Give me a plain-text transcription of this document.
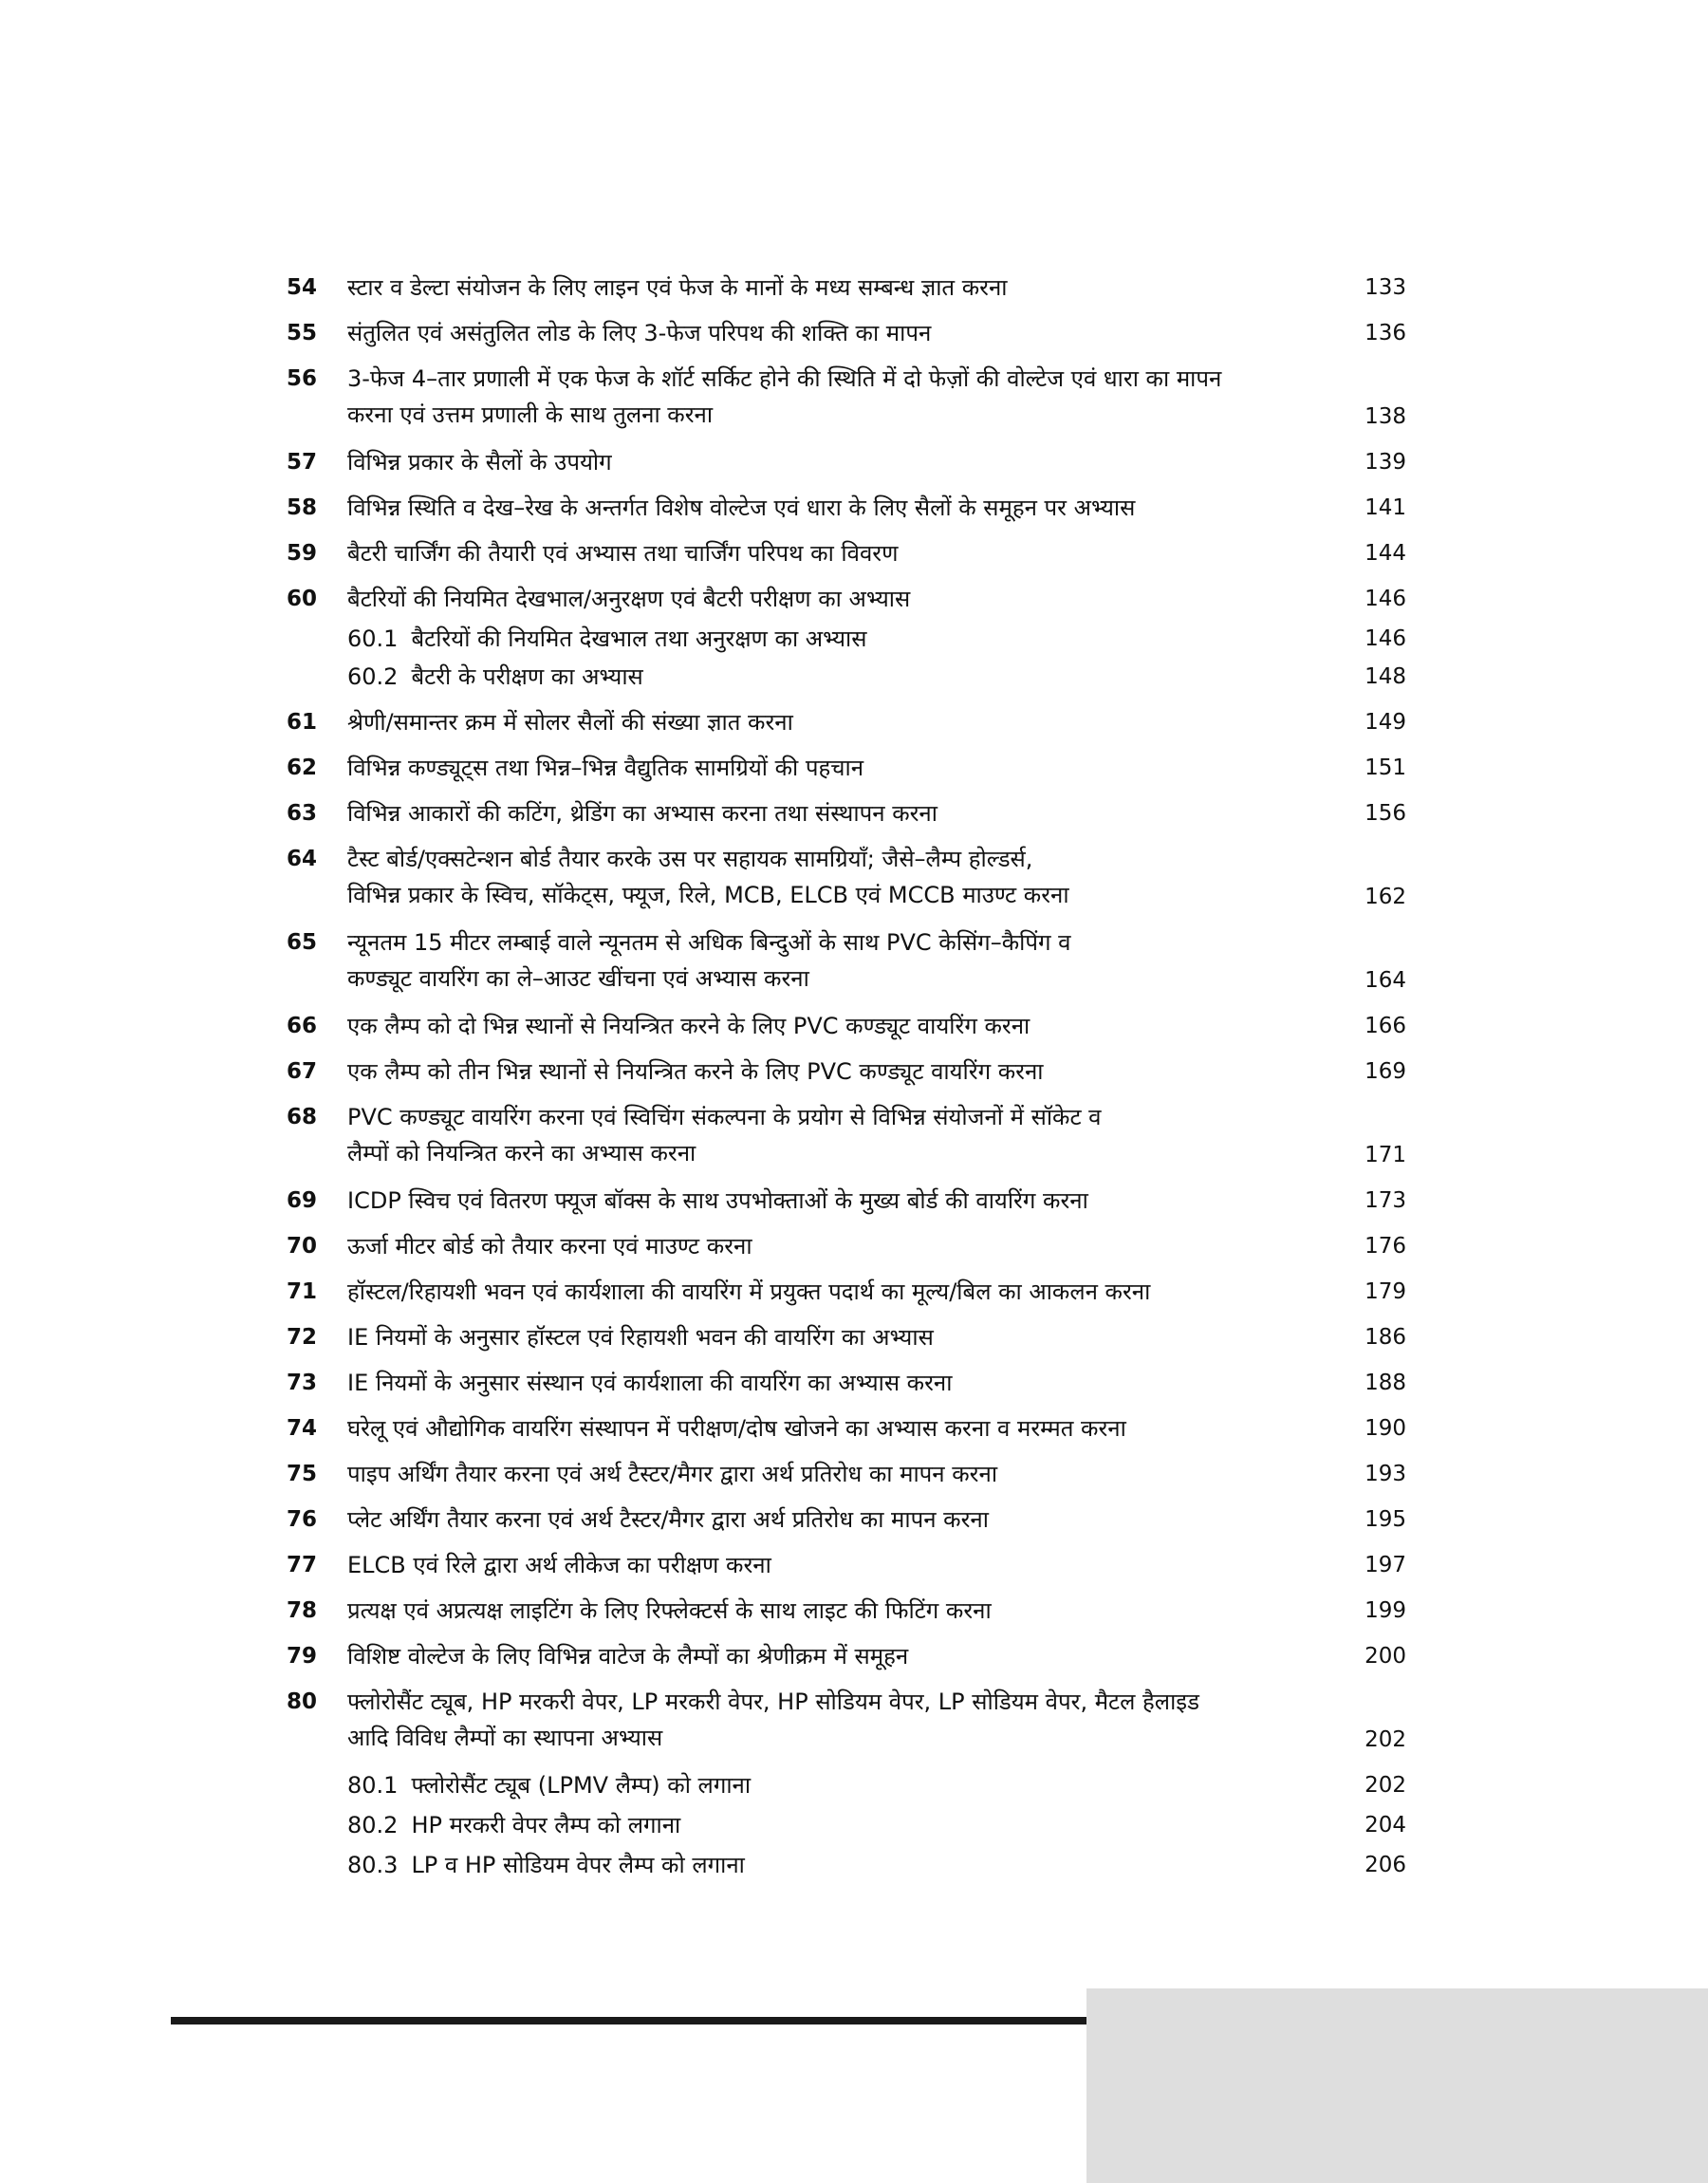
54	स्टार व डेल्टा संयोजन के लिए लाइन एवं फेज के मानों के मध्य सम्बन्ध ज्ञात करना	133
55	संतुलित एवं असंतुलित लोड के लिए 3-फेज परिपथ की शक्ति का मापन	136
56	3-फेज 4–तार प्रणाली में एक फेज के शॉर्ट सर्किट होने की स्थिति में दो फेज़ों की वोल्टेज एवं धारा का मापन
करना एवं उत्तम प्रणाली के साथ तुलना करना	138
57	विभिन्न प्रकार के सैलों के उपयोग	139
58	विभिन्न स्थिति व देख–रेख के अन्तर्गत विशेष वोल्टेज एवं धारा के लिए सैलों के समूहन पर अभ्यास	141
59	बैटरी चार्जिंग की तैयारी एवं अभ्यास तथा चार्जिंग परिपथ का विवरण	144
60	बैटरियों की नियमित देखभाल/अनुरक्षण एवं बैटरी परीक्षण का अभ्यास	146
60.1 बैटरियों की नियमित देखभाल तथा अनुरक्षण का अभ्यास	146
60.2 बैटरी के परीक्षण का अभ्यास	148
61	श्रेणी/समान्तर क्रम में सोलर सैलों की संख्या ज्ञात करना	149
62	विभिन्न कण्ड्यूट्स तथा भिन्न–भिन्न वैद्युतिक सामग्रियों की पहचान	151
63	विभिन्न आकारों की कटिंग, थ्रेडिंग का अभ्यास करना तथा संस्थापन करना	156
64	टैस्ट बोर्ड/एक्सटेन्शन बोर्ड तैयार करके उस पर सहायक सामग्रियाँ; जैसे–लैम्प होल्डर्स,
विभिन्न प्रकार के स्विच, सॉकेट्स, फ्यूज, रिले, MCB, ELCB एवं MCCB माउण्ट करना	162
65	न्यूनतम 15 मीटर लम्बाई वाले न्यूनतम से अधिक बिन्दुओं के साथ PVC केसिंग–कैपिंग व
कण्ड्यूट वायरिंग का ले–आउट खींचना एवं अभ्यास करना	164
66	एक लैम्प को दो भिन्न स्थानों से नियन्त्रित करने के लिए PVC कण्ड्यूट वायरिंग करना	166
67	एक लैम्प को तीन भिन्न स्थानों से नियन्त्रित करने के लिए PVC कण्ड्यूट वायरिंग करना	169
68	PVC कण्ड्यूट वायरिंग करना एवं स्विचिंग संकल्पना के प्रयोग से विभिन्न संयोजनों में सॉकेट व
लैम्पों को नियन्त्रित करने का अभ्यास करना	171
69	ICDP स्विच एवं वितरण फ्यूज बॉक्स के साथ उपभोक्ताओं के मुख्य बोर्ड की वायरिंग करना	173
70	ऊर्जा मीटर बोर्ड को तैयार करना एवं माउण्ट करना	176
71	हॉस्टल/रिहायशी भवन एवं कार्यशाला की वायरिंग में प्रयुक्त पदार्थ का मूल्य/बिल का आकलन करना	179
72	IE नियमों के अनुसार हॉस्टल एवं रिहायशी भवन की वायरिंग का अभ्यास	186
73	IE नियमों के अनुसार संस्थान एवं कार्यशाला की वायरिंग का अभ्यास करना	188
74	घरेलू एवं औद्योगिक वायरिंग संस्थापन में परीक्षण/दोष खोजने का अभ्यास करना व मरम्मत करना	190
75	पाइप अर्थिंग तैयार करना एवं अर्थ टैस्टर/मैगर द्वारा अर्थ प्रतिरोध का मापन करना	193
76	प्लेट अर्थिंग तैयार करना एवं अर्थ टैस्टर/मैगर द्वारा अर्थ प्रतिरोध का मापन करना	195
77	ELCB एवं रिले द्वारा अर्थ लीकेज का परीक्षण करना	197
78	प्रत्यक्ष एवं अप्रत्यक्ष लाइटिंग के लिए रिफ्लेक्टर्स के साथ लाइट की फिटिंग करना	199
79	विशिष्ट वोल्टेज के लिए विभिन्न वाटेज के लैम्पों का श्रेणीक्रम में समूहन	200
80	फ्लोरोसैंट ट्यूब, HP मरकरी वेपर, LP मरकरी वेपर, HP सोडियम वेपर, LP सोडियम वेपर, मैटल हैलाइड
आदि विविध लैम्पों का स्थापना अभ्यास	202
80.1 फ्लोरोसैंट ट्यूब (LPMV लैम्प) को लगाना	202
80.2 HP मरकरी वेपर लैम्प को लगाना	204
80.3 LP व HP सोडियम वेपर लैम्प को लगाना	206
